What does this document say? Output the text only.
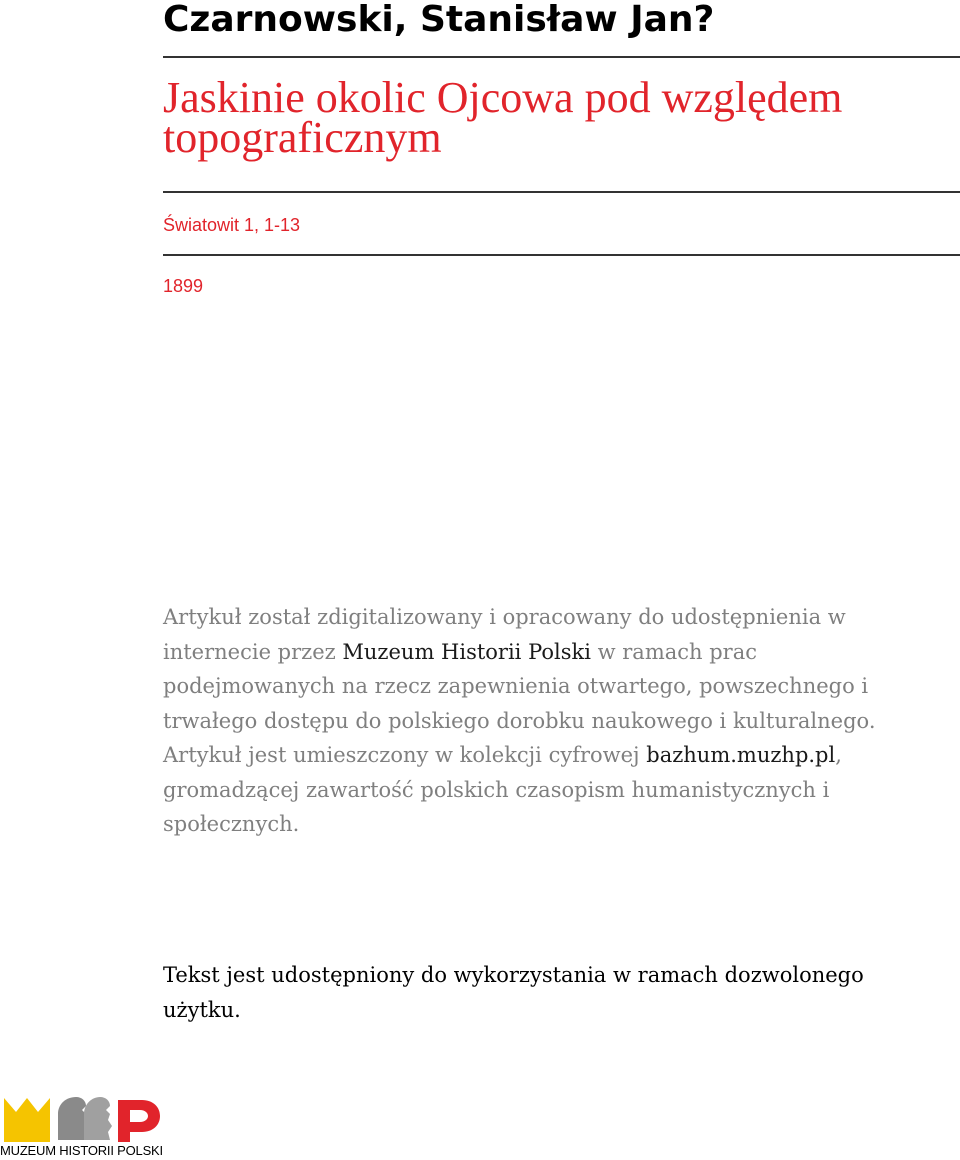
Czarnowski, Stanisław Jan?
Jaskinie okolic Ojcowa pod względem topograficznym
Światowit 1, 1-13
1899
Artykuł został zdigitalizowany i opracowany do udostępnienia w internecie przez Muzeum Historii Polski w ramach prac podejmowanych na rzecz zapewnienia otwartego, powszechnego i trwałego dostępu do polskiego dorobku naukowego i kulturalnego. Artykuł jest umieszczony w kolekcji cyfrowej bazhum.muzhp.pl, gromadzącej zawartość polskich czasopism humanistycznych i społecznych.
Tekst jest udostępniony do wykorzystania w ramach dozwolonego użytku.
MUZEUM HISTORII POLSKI
